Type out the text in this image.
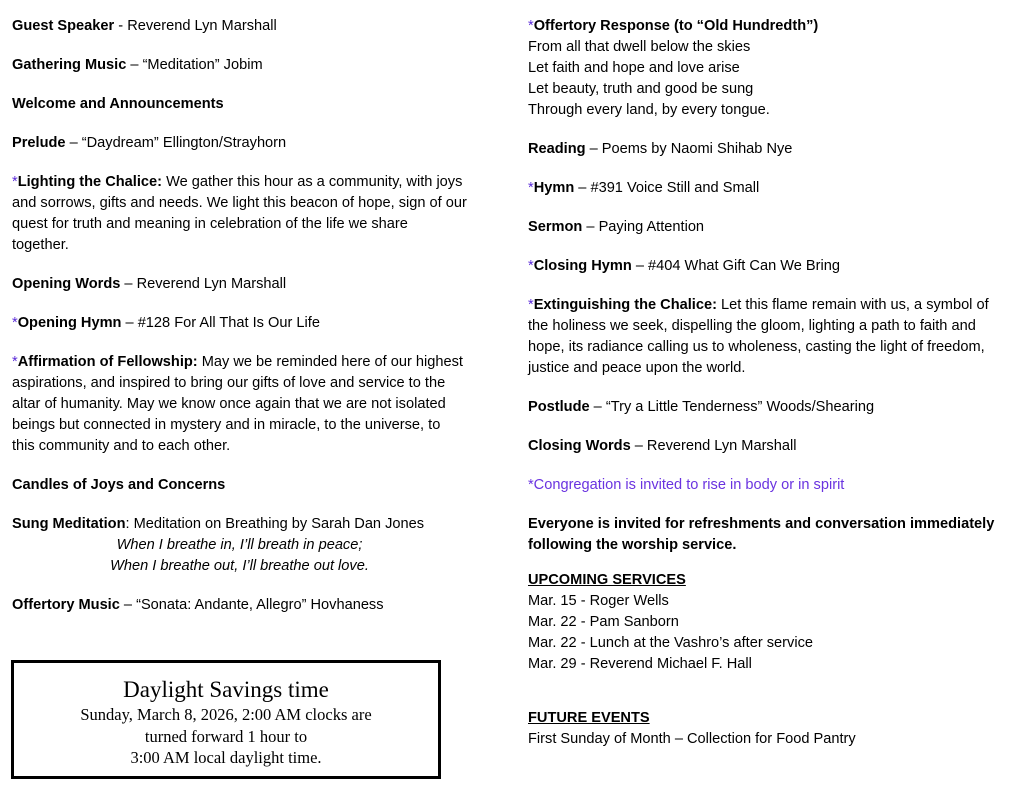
Guest Speaker - Reverend Lyn Marshall

Gathering Music – “Meditation” Jobim

Welcome and Announcements

Prelude – “Daydream” Ellington/Strayhorn

*Lighting the Chalice: We gather this hour as a community, with joys and sorrows, gifts and needs. We light this beacon of hope, sign of our quest for truth and meaning in celebration of the life we share together.

Opening Words – Reverend Lyn Marshall

*Opening Hymn – #128 For All That Is Our Life

*Affirmation of Fellowship: May we be reminded here of our highest aspirations, and inspired to bring our gifts of love and service to the altar of humanity. May we know once again that we are not isolated beings but connected in mystery and in miracle, to the universe, to this community and to each other.

Candles of Joys and Concerns

Sung Meditation: Meditation on Breathing by Sarah Dan Jones
When I breathe in, I’ll breath in peace;
When I breathe out, I’ll breathe out love.

Offertory Music – “Sonata: Andante, Allegro” Hovhaness

Daylight Savings time
Sunday, March 8, 2026, 2:00 AM clocks are
turned forward 1 hour to
3:00 AM local daylight time.

*Offertory Response (to “Old Hundredth”)
From all that dwell below the skies
Let faith and hope and love arise
Let beauty, truth and good be sung
Through every land, by every tongue.

Reading – Poems by Naomi Shihab Nye

*Hymn – #391 Voice Still and Small

Sermon – Paying Attention

*Closing Hymn – #404 What Gift Can We Bring

*Extinguishing the Chalice: Let this flame remain with us, a symbol of the holiness we seek, dispelling the gloom, lighting a path to faith and hope, its radiance calling us to wholeness, casting the light of freedom, justice and peace upon the world.

Postlude – “Try a Little Tenderness” Woods/Shearing

Closing Words – Reverend Lyn Marshall

*Congregation is invited to rise in body or in spirit

Everyone is invited for refreshments and conversation immediately following the worship service.

UPCOMING SERVICES
Mar. 15 - Roger Wells
Mar. 22 - Pam Sanborn
Mar. 22 - Lunch at the Vashro’s after service
Mar. 29 - Reverend Michael F. Hall
FUTURE EVENTS
First Sunday of Month – Collection for Food Pantry
